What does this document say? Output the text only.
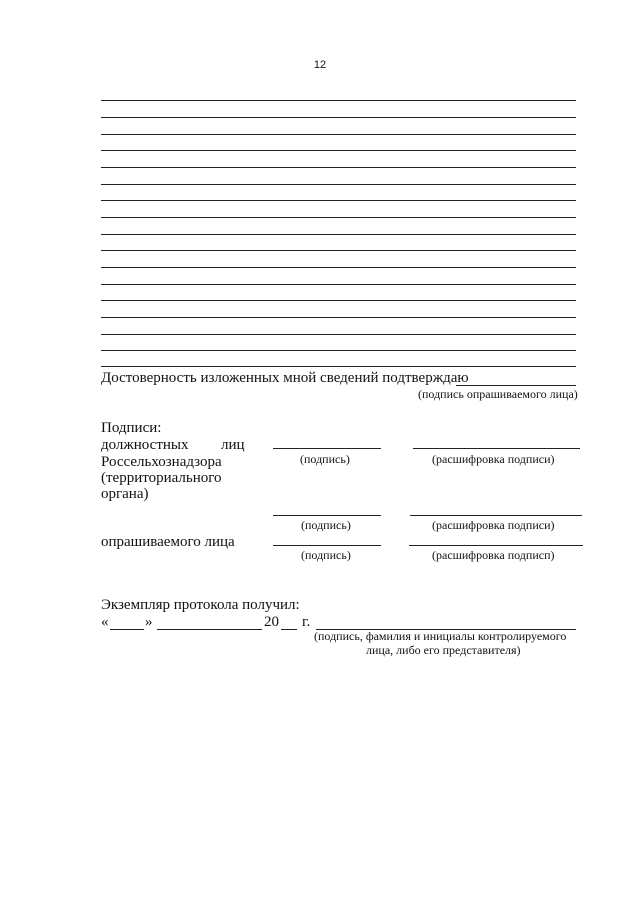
12
Достоверность изложенных мной сведений подтверждаю
(подпись опрашиваемого лица)
Подписи:
должностных лиц
Россельхознадзора
(территориального
органа)
(подпись)	(расшифровка подписи)
(подпись)	(расшифровка подписи)
опрашиваемого лица
(подпись)	(расшифровка подписп)
Экземпляр протокола получил:
« »	20 г.
(подпись, фамилия и инициалы контролируемого
лица, либо его представителя)
